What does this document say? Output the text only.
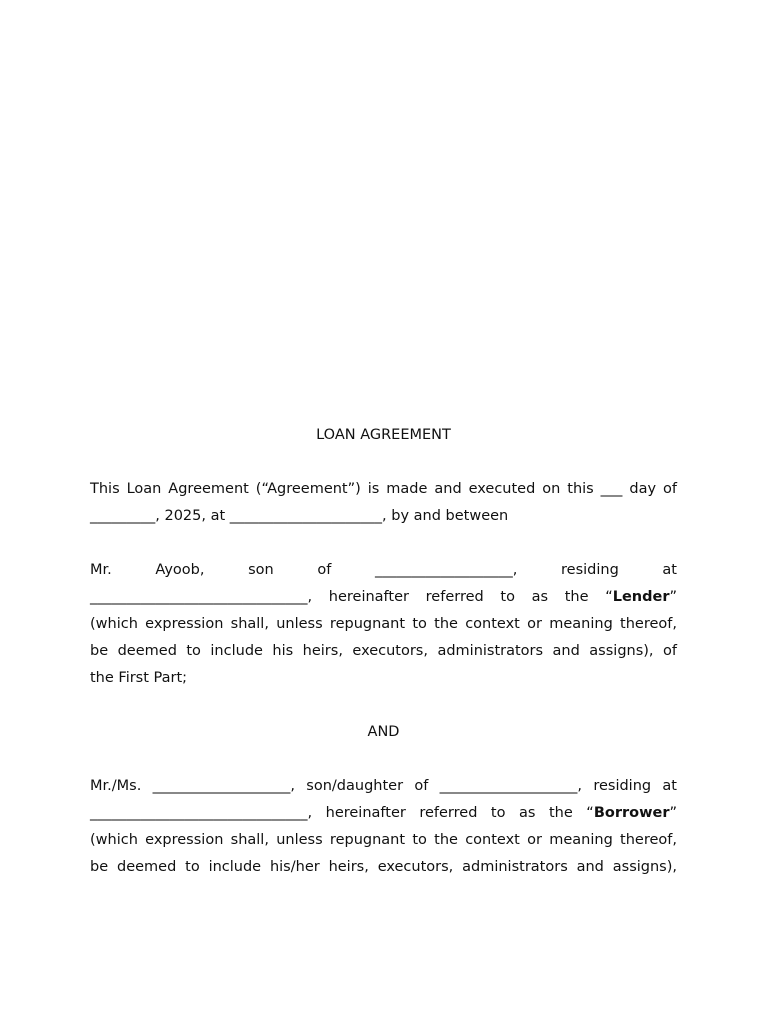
LOAN AGREEMENT
This Loan Agreement (“Agreement”) is made and executed on this ___ day of
_________, 2025, at _____________________, by and between
Mr. Ayoob, son of ___________________, residing at
______________________________, hereinafter referred to as the “Lender”
(which expression shall, unless repugnant to the context or meaning thereof,
be deemed to include his heirs, executors, administrators and assigns), of
the First Part;
AND
Mr./Ms. ___________________, son/daughter of ___________________, residing at
______________________________, hereinafter referred to as the “Borrower”
(which expression shall, unless repugnant to the context or meaning thereof,
be deemed to include his/her heirs, executors, administrators and assigns),
